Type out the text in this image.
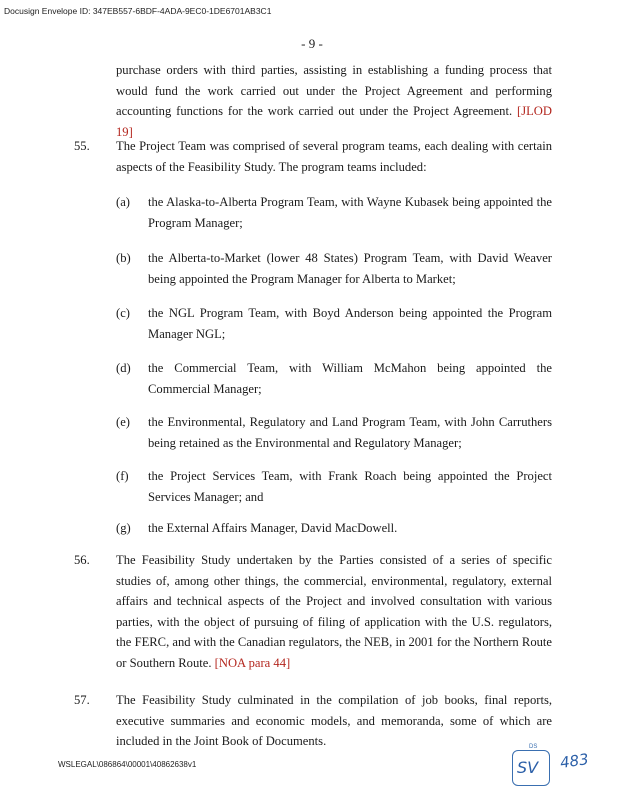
Docusign Envelope ID: 347EB557-6BDF-4ADA-9EC0-1DE6701AB3C1
- 9 -
purchase orders with third parties, assisting in establishing a funding process that would fund the work carried out under the Project Agreement and performing accounting functions for the work carried out under the Project Agreement. [JLOD 19]
55. The Project Team was comprised of several program teams, each dealing with certain aspects of the Feasibility Study. The program teams included:
(a) the Alaska-to-Alberta Program Team, with Wayne Kubasek being appointed the Program Manager;
(b) the Alberta-to-Market (lower 48 States) Program Team, with David Weaver being appointed the Program Manager for Alberta to Market;
(c) the NGL Program Team, with Boyd Anderson being appointed the Program Manager NGL;
(d) the Commercial Team, with William McMahon being appointed the Commercial Manager;
(e) the Environmental, Regulatory and Land Program Team, with John Carruthers being retained as the Environmental and Regulatory Manager;
(f) the Project Services Team, with Frank Roach being appointed the Project Services Manager; and
(g) the External Affairs Manager, David MacDowell.
56. The Feasibility Study undertaken by the Parties consisted of a series of specific studies of, among other things, the commercial, environmental, regulatory, external affairs and technical aspects of the Project and involved consultation with various parties, with the object of pursuing of filing of application with the U.S. regulators, the FERC, and with the Canadian regulators, the NEB, in 2001 for the Northern Route or Southern Route. [NOA para 44]
57. The Feasibility Study culminated in the compilation of job books, final reports, executive summaries and economic models, and memoranda, some of which are included in the Joint Book of Documents.
WSLEGAL\086864\00001\40862638v1
DS
SV 483
